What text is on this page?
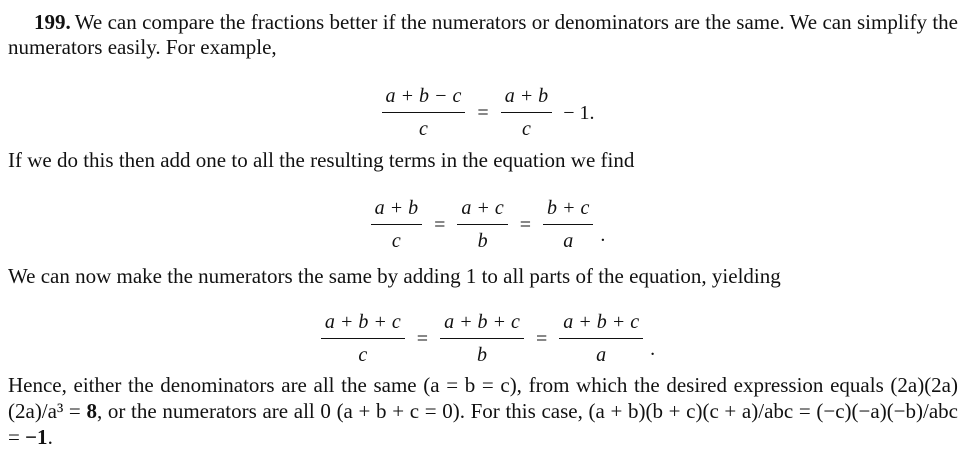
199. We can compare the fractions better if the numerators or denominators are the same. We can simplify the numerators easily. For example,

$\frac{a + b - c}{c} = \frac{a + b}{c} - 1$.

If we do this then add one to all the resulting terms in the equation we find

$\frac{a + b}{c} = \frac{a + c}{b} = \frac{b + c}{a}$ .

We can now make the numerators the same by adding 1 to all parts of the equation, yielding

$\frac{a + b + c}{c} = \frac{a + b + c}{b} = \frac{a + b + c}{a}$ .

Hence, either the denominators are all the same (a = b = c), from which the desired expression equals (2a)(2a)(2a)/a³ = 8, or the numerators are all 0 (a + b + c = 0). For this case, (a + b)(b + c)(c + a)/abc = (−c)(−a)(−b)/abc = −1.
